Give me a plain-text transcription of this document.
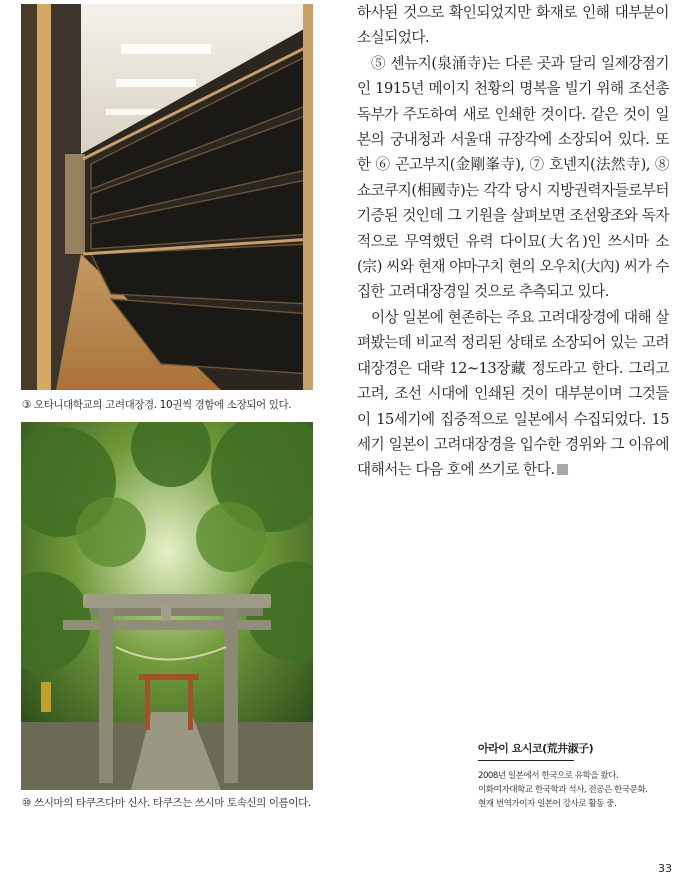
③ 오타니대학교의 고려대장경. 10권씩 경함에 소장되어 있다.
⑩ 쓰시마의 타쿠즈다마 신사. 타쿠즈는 쓰시마 토속신의 이름이다.

하사된 것으로 확인되었지만 화재로 인해 대부분이 소실되었다.

⑤ 센뉴지(泉涌寺)는 다른 곳과 달리 일제강점기인 1915년 메이지 천황의 명복을 빌기 위해 조선총독부가 주도하여 새로 인쇄한 것이다. 같은 것이 일본의 궁내청과 서울대 규장각에 소장되어 있다. 또한 ⑥ 곤고부지(金剛峯寺), ⑦ 호넨지(法然寺), ⑧ 쇼코쿠지(相國寺)는 각각 당시 지방권력자들로부터 기증된 것인데 그 기원을 살펴보면 조선왕조와 독자적으로 무역했던 유력 다이묘(大名)인 쓰시마 소(宗) 씨와 현재 야마구치 현의 오우치(大內) 씨가 수집한 고려대장경일 것으로 추측되고 있다.

이상 일본에 현존하는 주요 고려대장경에 대해 살펴봤는데 비교적 정리된 상태로 소장되어 있는 고려대장경은 대략 12~13장藏 정도라고 한다. 그리고 고려, 조선 시대에 인쇄된 것이 대부분이며 그것들이 15세기에 집중적으로 일본에서 수집되었다. 15세기 일본이 고려대장경을 입수한 경위와 그 이유에 대해서는 다음 호에 쓰기로 한다.

아라이 요시코(荒井淑子)

2008년 일본에서 한국으로 유학을 왔다.

이화여자대학교 한국학과 석사, 전공은 한국문화.

현재 번역가이자 일본어 강사로 활동 중.

33
